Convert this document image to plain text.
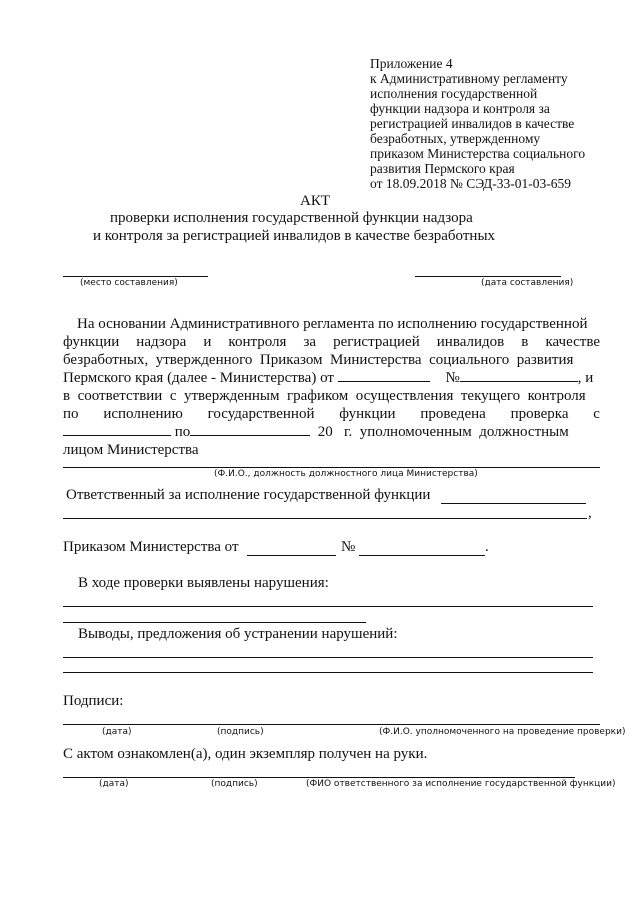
Приложение 4
к Административному регламенту
исполнения государственной
функции надзора и контроля за
регистрацией инвалидов в качестве
безработных, утвержденному
приказом Министерства социального
развития Пермского края
от 18.09.2018 № СЭД-33-01-03-659
АКТ
проверки исполнения государственной функции надзора
и контроля за регистрацией инвалидов в качестве безработных
(место составления)	(дата составления)
На основании Административного регламента по исполнению государственной
функции надзора и контроля за регистрацией инвалидов в качестве
безработных,  утвержденного  Приказом  Министерства  социального  развития
Пермского края (далее - Министерства) от	№	, и
в  соответствии  с  утвержденным  графиком  осуществления  текущего  контроля
по исполнению государственной функции проведена проверка с
по	20 г.  уполномоченным  должностным
лицом Министерства
(Ф.И.О., должность должностного лица Министерства)
Ответственный за исполнение государственной функции
,
Приказом Министерства от	№	.
В ходе проверки выявлены нарушения:
Выводы, предложения об устранении нарушений:
Подписи:
(дата)	(подпись)	(Ф.И.О. уполномоченного на проведение проверки)
С актом ознакомлен(а), один экземпляр получен на руки.
(дата)	(подпись)	(ФИО ответственного за исполнение государственной функции)
